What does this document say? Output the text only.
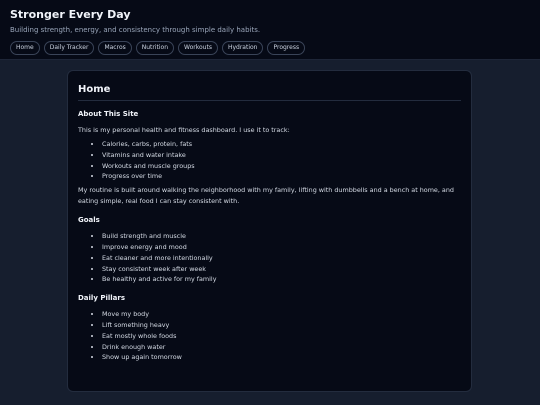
Stronger Every Day

Building strength, energy, and consistency through simple daily habits.

Home	Daily Tracker	Macros	Nutrition	Workouts	Hydration	Progress
Home
About This Site

This is my personal health and fitness dashboard. I use it to track:

• Calories, carbs, protein, fats
• Vitamins and water intake
• Workouts and muscle groups
• Progress over time

My routine is built around walking the neighborhood with my family, lifting with dumbbells and a bench at home, and eating simple, real food I can stay consistent with.

Goals
• Build strength and muscle
• Improve energy and mood
• Eat cleaner and more intentionally
• Stay consistent week after week
• Be healthy and active for my family
Daily Pillars
• Move my body
• Lift something heavy
• Eat mostly whole foods
• Drink enough water
• Show up again tomorrow
